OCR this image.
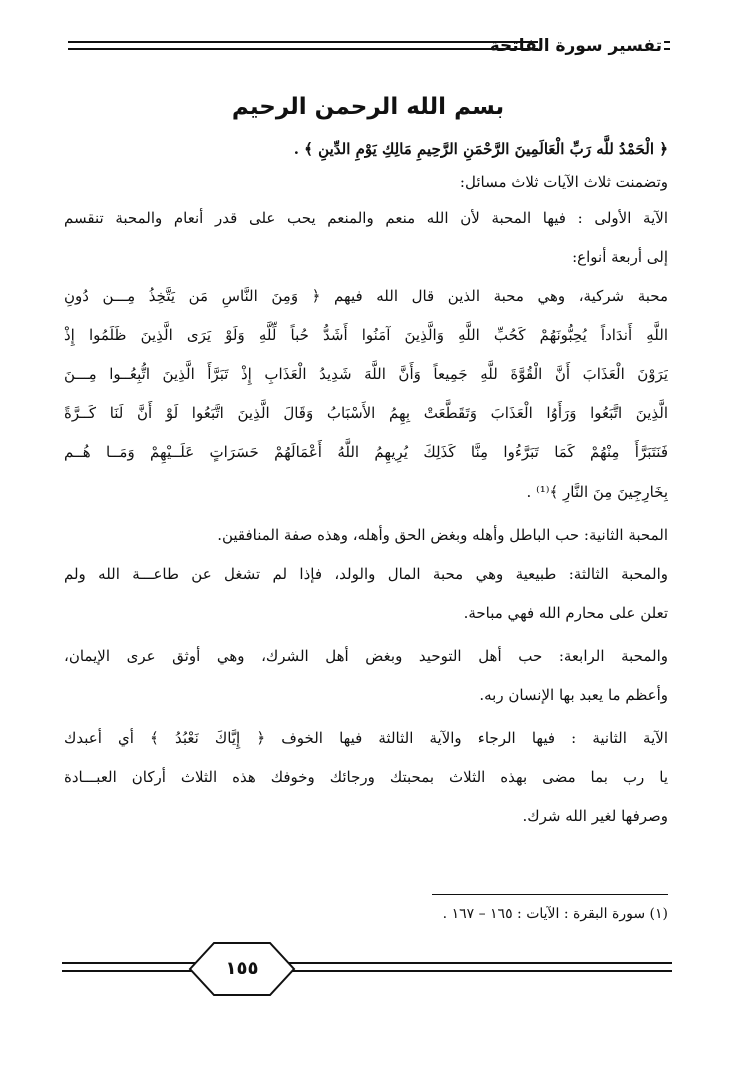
تفسير سورة الفاتحة
بسم الله الرحمن الرحيم
﴿ الْحَمْدُ للَّه رَبِّ الْعَالَمِينَ الرَّحْمَنِ الرَّحِيمِ مَالِكِ يَوْمِ الدِّينِ ﴾ .
وتضمنت ثلاث الآيات ثلاث مسائل:
الآية الأولى : فيها المحبة لأن الله منعم والمنعم يحب على قدر أنعام والمحبة تنقسم
إلى أربعة أنواع:
محبة شركية، وهي محبة الذين قال الله فيهم ﴿ وَمِنَ النَّاسِ مَن يَتَّخِذُ مِـــن دُونِ
اللَّهِ أَندَاداً يُحِبُّونَهُمْ كَحُبِّ اللَّهِ وَالَّذِينَ آمَنُوا أَشَدُّ حُباً لِّلَّهِ وَلَوْ يَرَى الَّذِينَ ظَلَمُوا إِذْ
يَرَوْنَ الْعَذَابَ أَنَّ الْقُوَّةَ للَّهِ جَمِيعاً وَأَنَّ اللَّهَ شَدِيدُ الْعَذَابِ إِذْ تَبَرَّأَ الَّذِينَ اتُّبِعُــوا مِـــنَ
الَّذِينَ اتَّبَعُوا وَرَأَوُا الْعَذَابَ وَتَقَطَّعَتْ بِهِمُ الأَسْبَابُ وَقَالَ الَّذِينَ اتَّبَعُوا لَوْ أَنَّ لَنَا كَــرَّةً
فَنَتَبَرَّأَ مِنْهُمْ كَمَا تَبَرَّءُوا مِنَّا كَذَلِكَ يُرِيهِمُ اللَّهُ أَعْمَالَهُمْ حَسَرَاتٍ عَلَــيْهِمْ وَمَــا هُــم
بِخَارِجِينَ مِنَ النَّارِ ﴾⁽¹⁾ .
المحبة الثانية: حب الباطل وأهله وبغض الحق وأهله، وهذه صفة المنافقين.
والمحبة الثالثة: طبيعية وهي محبة المال والولد، فإذا لم تشغل عن طاعـــة الله ولم
تعلن على محارم الله فهي مباحة.
والمحبة الرابعة: حب أهل التوحيد وبغض أهل الشرك، وهي أوثق عرى الإيمان،
وأعظم ما يعبد بها الإنسان ربه.
الآية الثانية : فيها الرجاء والآية الثالثة فيها الخوف ﴿ إِيَّاكَ نَعْبُدُ ﴾ أي أعبدك
يا رب بما مضى بهذه الثلاث بمحبتك ورجائك وخوفك هذه الثلاث أركان العبـــادة
وصرفها لغير الله شرك.
(١) سورة البقرة : الآيات : ١٦٥ – ١٦٧ .
١٥٥
